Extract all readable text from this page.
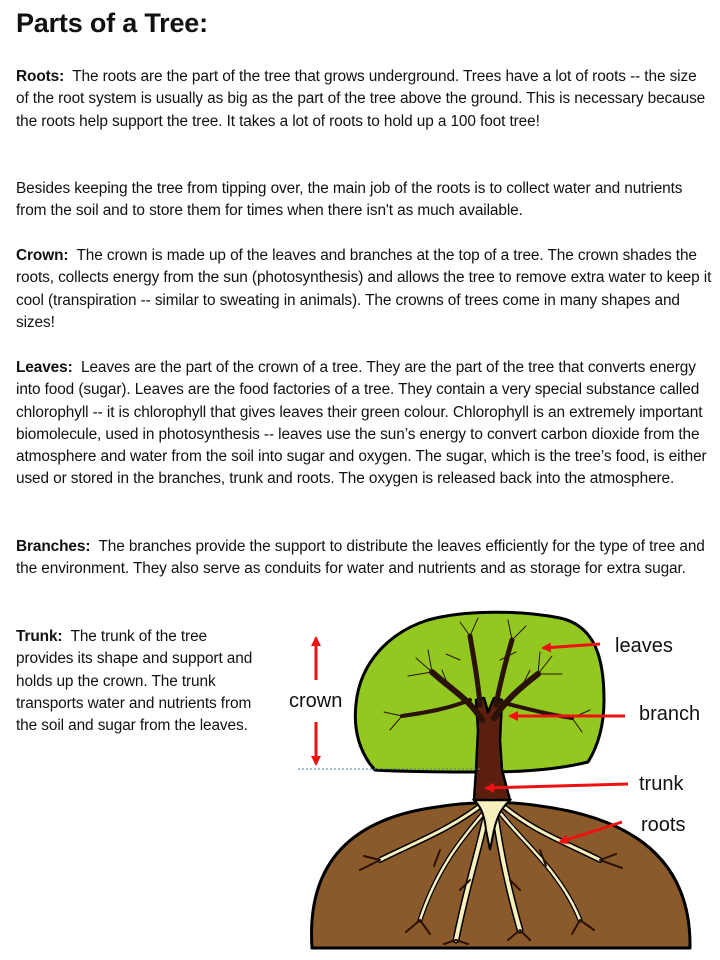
Parts of a Tree:

Roots: The roots are the part of the tree that grows underground. Trees have a lot of roots -- the size of the root system is usually as big as the part of the tree above the ground. This is necessary because the roots help support the tree. It takes a lot of roots to hold up a 100 foot tree!

Besides keeping the tree from tipping over, the main job of the roots is to collect water and nutrients from the soil and to store them for times when there isn't as much available.

Crown: The crown is made up of the leaves and branches at the top of a tree. The crown shades the roots, collects energy from the sun (photosynthesis) and allows the tree to remove extra water to keep it cool (transpiration -- similar to sweating in animals). The crowns of trees come in many shapes and sizes!

Leaves: Leaves are the part of the crown of a tree. They are the part of the tree that converts energy into food (sugar). Leaves are the food factories of a tree. They contain a very special substance called chlorophyll -- it is chlorophyll that gives leaves their green colour. Chlorophyll is an extremely important biomolecule, used in photosynthesis -- leaves use the sun’s energy to convert carbon dioxide from the atmosphere and water from the soil into sugar and oxygen. The sugar, which is the tree’s food, is either used or stored in the branches, trunk and roots. The oxygen is released back into the atmosphere.

Branches: The branches provide the support to distribute the leaves efficiently for the type of tree and the environment. They also serve as conduits for water and nutrients and as storage for extra sugar.

Trunk: The trunk of the tree provides its shape and support and holds up the crown. The trunk transports water and nutrients from the soil and sugar from the leaves.

crown
leaves
branch
trunk
roots
